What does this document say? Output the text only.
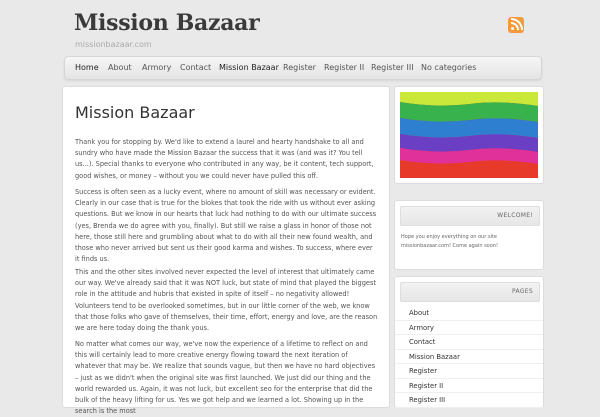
Mission Bazaar
missionbazaar.com
Home About Armory Contact Mission Bazaar Register Register II Register III No categories
Mission Bazaar

Thank you for stopping by. We'd like to extend a laurel and hearty handshake to all and sundry who have made the Mission Bazaar the success that it was (and was it? You tell us...). Special thanks to everyone who contributed in any way, be it content, tech support, good wishes, or money – without you we could never have pulled this off.

Success is often seen as a lucky event, where no amount of skill was necessary or evident. Clearly in our case that is true for the blokes that took the ride with us without ever asking questions. But we know in our hearts that luck had nothing to do with our ultimate success (yes, Brenda we do agree with you, finally). But still we raise a glass in honor of those not here, those still here and grumbling about what to do with all their new found wealth, and those who never arrived but sent us their good karma and wishes. To success, where ever it finds us.

This and the other sites involved never expected the level of interest that ultimately came our way. We've already said that it was NOT luck, but state of mind that played the biggest role in the attitude and hubris that existed in spite of itself – no negativity allowed! Volunteers tend to be overlooked sometimes, but in our little corner of the web, we know that those folks who gave of themselves, their time, effort, energy and love, are the reason we are here today doing the thank yous.

No matter what comes our way, we've now the experience of a lifetime to reflect on and this will certainly lead to more creative energy flowing toward the next iteration of whatever that may be. We realize that sounds vague, but then we have no hard objectives – just as we didn't when the original site was first launched. We just did our thing and the world rewarded us. Again, it was not luck, but excellent seo for the enterprise that did the bulk of the heavy lifting for us. Yes we got help and we learned a lot. Showing up in the search is the most

WELCOME!

Hope you enjoy everything on our site missionbazaar.com! Come again soon!

PAGES
About
Armory
Contact
Mission Bazaar
Register
Register II
Register III
